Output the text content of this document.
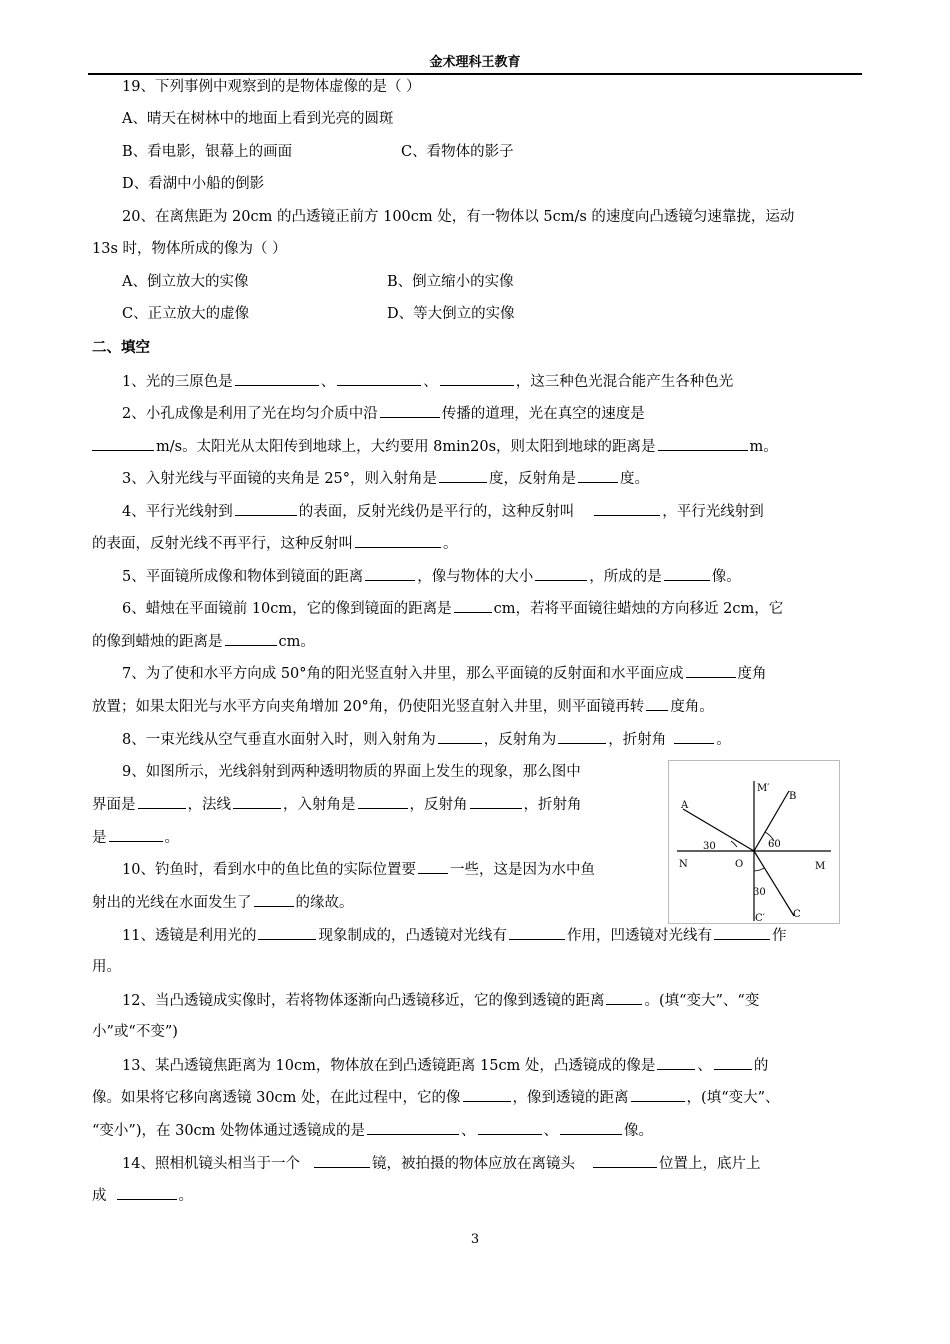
金术理科王教育
19、下列事例中观察到的是物体虚像的是（ ）
A、晴天在树林中的地面上看到光亮的圆斑
B、看电影，银幕上的画面	C、看物体的影子
D、看湖中小船的倒影
20、在离焦距为 20cm 的凸透镜正前方 100cm 处，有一物体以 5cm/s 的速度向凸透镜匀速靠拢，运动
13s 时，物体所成的像为（ ）
A、倒立放大的实像	B、倒立缩小的实像
C、正立放大的虚像	D、等大倒立的实像
二、填空
1、光的三原色是	、	、	，这三种色光混合能产生各种色光
2、小孔成像是利用了光在均匀介质中沿	传播的道理，光在真空的速度是
m/s。太阳光从太阳传到地球上，大约要用 8min20s，则太阳到地球的距离是	m。
3、入射光线与平面镜的夹角是 25°，则入射角是	度，反射角是	度。
4、平行光线射到	的表面，反射光线仍是平行的，这种反射叫	，平行光线射到
的表面，反射光线不再平行，这种反射叫	。
5、平面镜所成像和物体到镜面的距离	，像与物体的大小	，所成的是	像。
6、蜡烛在平面镜前 10cm，它的像到镜面的距离是	cm，若将平面镜往蜡烛的方向移近 2cm，它
的像到蜡烛的距离是	cm。
7、为了使和水平方向成 50°角的阳光竖直射入井里，那么平面镜的反射面和水平面应成	度角
放置；如果太阳光与水平方向夹角增加 20°角，仍使阳光竖直射入井里，则平面镜再转 度角。
8、一束光线从空气垂直水面射入时，则入射角为	，反射角为	，折射角	。
9、如图所示，光线斜射到两种透明物质的界面上发生的现象，那么图中
界面是	，法线	，入射角是	，反射角	，折射角
是	。
10、钓鱼时，看到水中的鱼比鱼的实际位置要 一些，这是因为水中鱼
射出的光线在水面发生了	的缘故。
M′
B
A
30	60
N	O	M
30
C′	C
11、透镜是利用光的	现象制成的，凸透镜对光线有	作用，凹透镜对光线有	作
用。
12、当凸透镜成实像时，若将物体逐渐向凸透镜移近，它的像到透镜的距离	。(填“变大”、“变
小”或“不变”)
13、某凸透镜焦距离为 10cm，物体放在到凸透镜距离 15cm 处，凸透镜成的像是	、	的
像。如果将它移向离透镜 30cm 处，在此过程中，它的像	，像到透镜的距离	，(填“变大”、
“变小”)，在 30cm 处物体通过透镜成的是	、	、	像。
14、照相机镜头相当于一个	镜，被拍摄的物体应放在离镜头	位置上，底片上
成	。
3
